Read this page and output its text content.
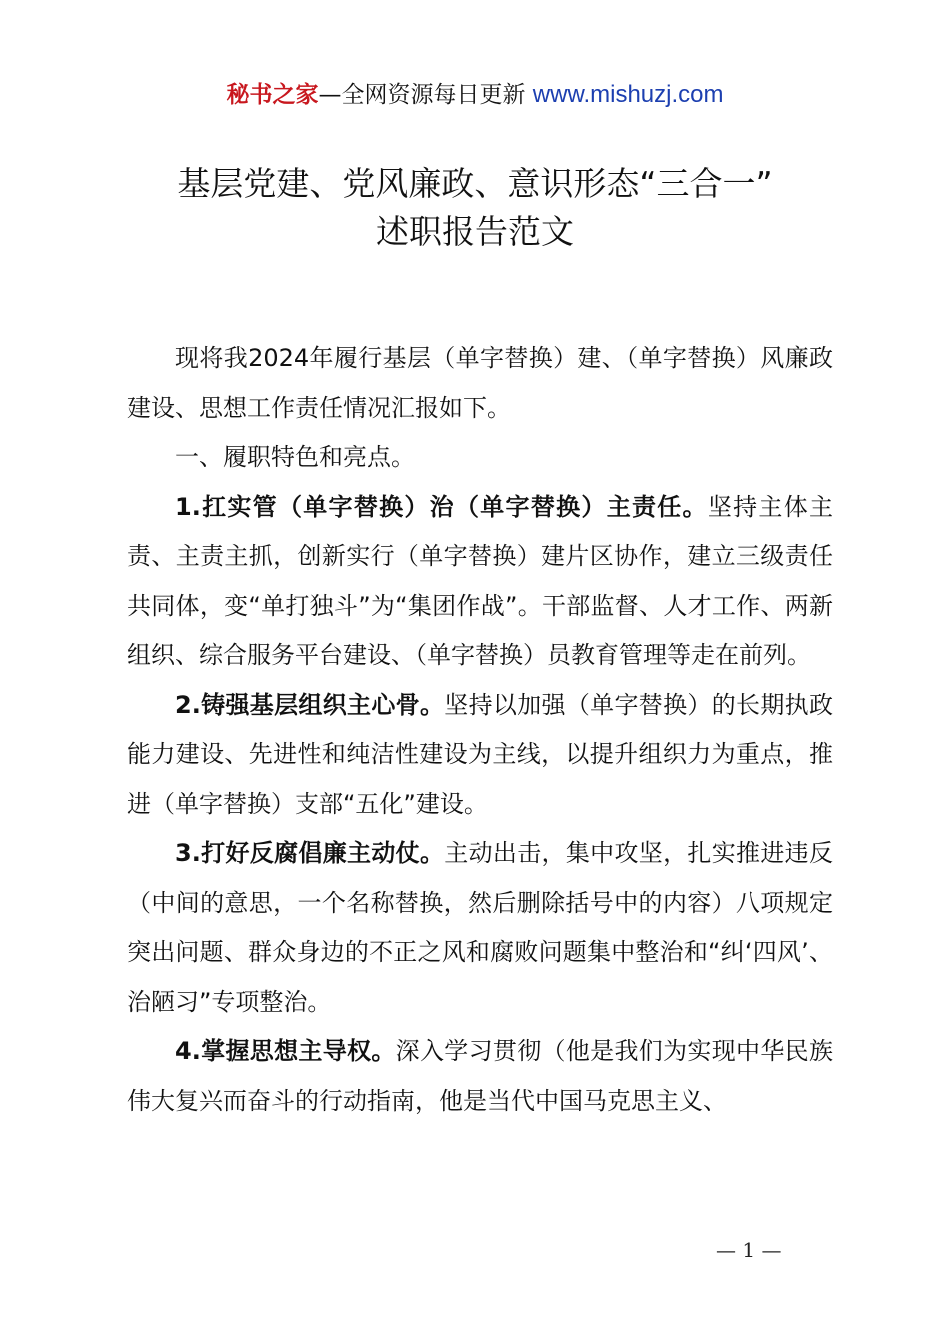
秘书之家—全网资源每日更新 www.mishuzj.com
基层党建、党风廉政、意识形态“三合一”
述职报告范文

现将我2024年履行基层（单字替换）建、（单字替换）风廉政建设、思想工作责任情况汇报如下。

一、履职特色和亮点。

1.扛实管（单字替换）治（单字替换）主责任。坚持主体主责、主责主抓，创新实行（单字替换）建片区协作，建立三级责任共同体，变“单打独斗”为“集团作战”。干部监督、人才工作、两新组织、综合服务平台建设、（单字替换）员教育管理等走在前列。

2.铸强基层组织主心骨。坚持以加强（单字替换）的长期执政能力建设、先进性和纯洁性建设为主线，以提升组织力为重点，推进（单字替换）支部“五化”建设。

3.打好反腐倡廉主动仗。主动出击，集中攻坚，扎实推进违反（中间的意思，一个名称替换，然后删除括号中的内容）八项规定突出问题、群众身边的不正之风和腐败问题集中整治和“纠‘四风’、治陋习”专项整治。

4.掌握思想主导权。深入学习贯彻（他是我们为实现中华民族伟大复兴而奋斗的行动指南，他是当代中国马克思主义、

— 1 —
